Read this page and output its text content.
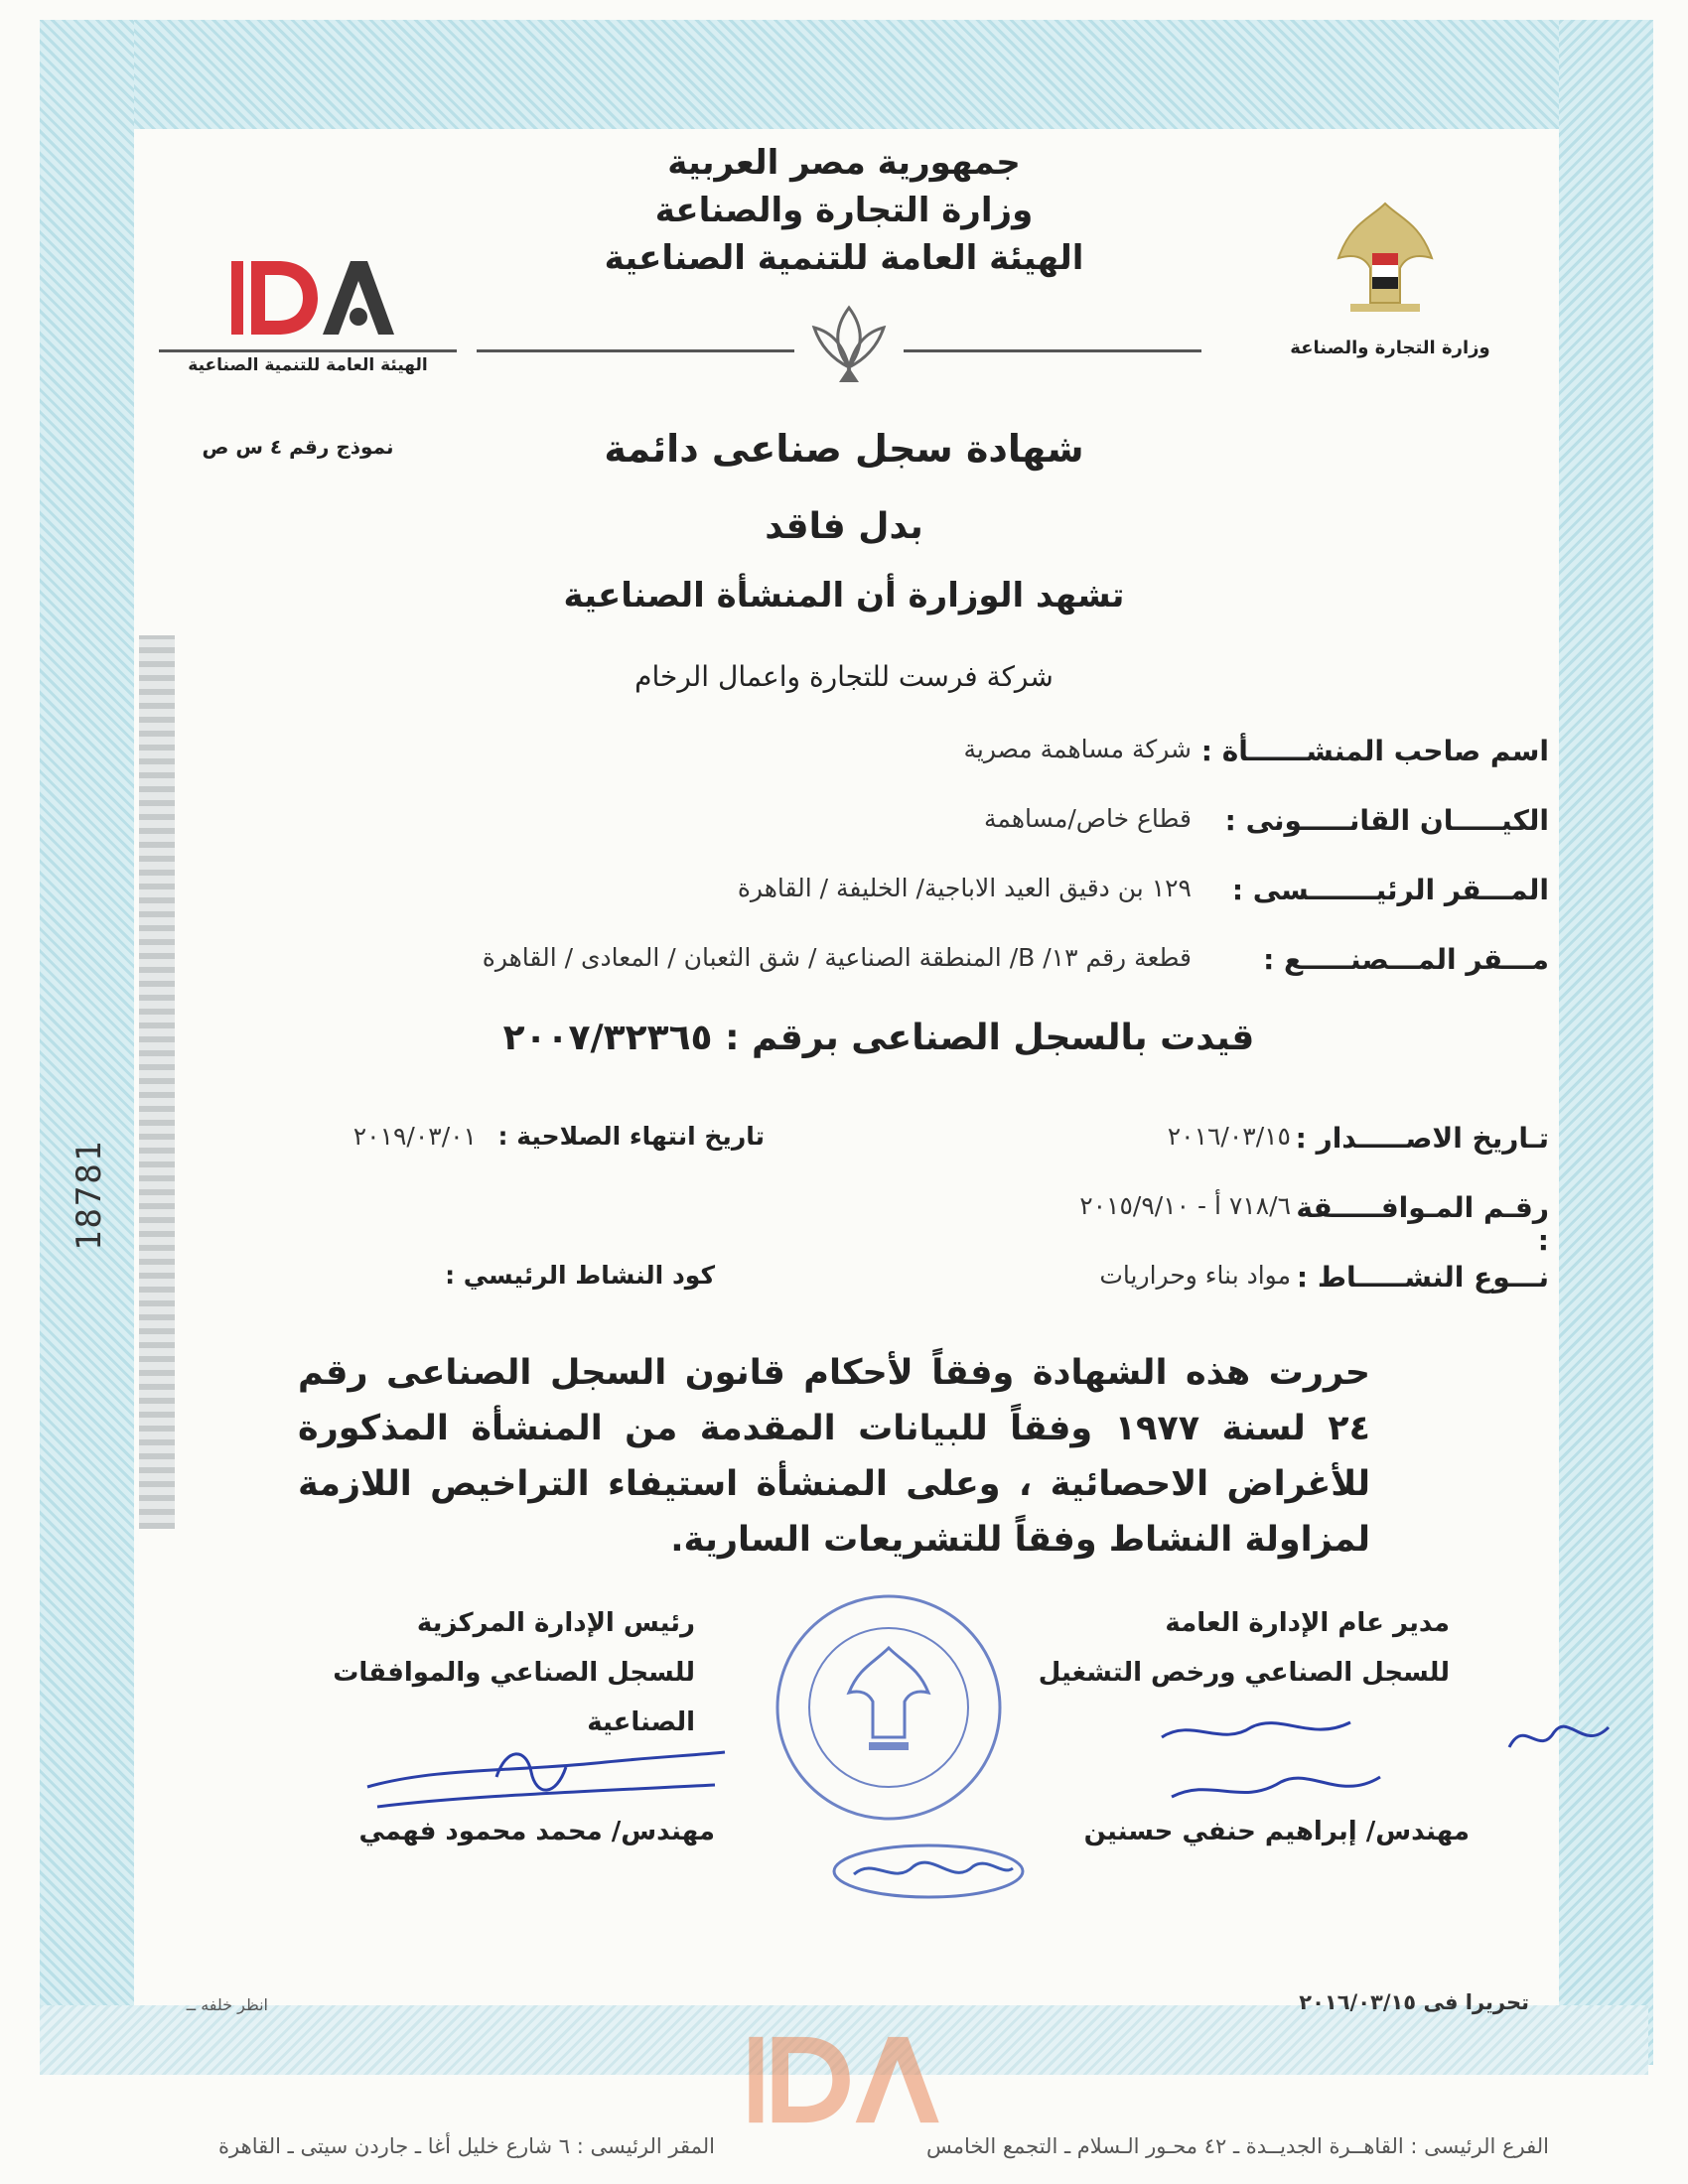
18781
جمهورية مصر العربية
وزارة التجارة والصناعة
الهيئة العامة للتنمية الصناعية
وزارة التجارة والصناعة
الهيئة العامة للتنمية الصناعية
نموذج رقم ٤ س ص	شهادة سجل صناعى دائمة
بدل فاقد
تشهد الوزارة أن المنشأة الصناعية
شركة فرست للتجارة واعمال الرخام
اسم صاحب المنشــــــأة :
شركة مساهمة مصرية
الكيـــــان القانـــــونى :
قطاع خاص/مساهمة
المـــقر الرئيـــــــسى :
١٢٩ بن دقيق العيد الاباجية/ الخليفة / القاهرة
مـــقر المـــصنـــــع :
قطعة رقم ١٣/ B/ المنطقة الصناعية / شق الثعبان / المعادى / القاهرة
قيدت بالسجل الصناعى برقم : ٢٠٠٧/٣٢٣٦٥
تـاريخ الاصـــــدار :
٢٠١٦/٠٣/١٥
تاريخ انتهاء الصلاحية :
٢٠١٩/٠٣/٠١
رقـم المـوافـــــقة :
٧١٨/٦ أ - ٢٠١٥/٩/١٠
نـــوع النشـــــاط :
مواد بناء وحراريات
كود النشاط الرئيسي :
حررت هذه الشهادة وفقاً لأحكام قانون السجل الصناعى رقم ٢٤ لسنة ١٩٧٧ وفقاً للبيانات المقدمة من المنشأة المذكورة للأغراض الاحصائية ، وعلى المنشأة استيفاء التراخيص اللازمة لمزاولة النشاط وفقاً للتشريعات السارية.
مدير عام الإدارة العامة
للسجل الصناعي ورخص التشغيل
رئيس الإدارة المركزية
للسجل الصناعي والموافقات الصناعية
مهندس/ إبراهيم حنفي حسنين
مهندس/ محمد محمود فهمي
تحريرا فى ٢٠١٦/٠٣/١٥
انظر خلفه ــ
الفرع الرئيسى : القاهــرة الجديــدة ـ ٤٢ محـور الـسلام ـ التجمع الخامس
المقر الرئيسى : ٦ شارع خليل أغا ـ جاردن سيتى ـ القاهرة
